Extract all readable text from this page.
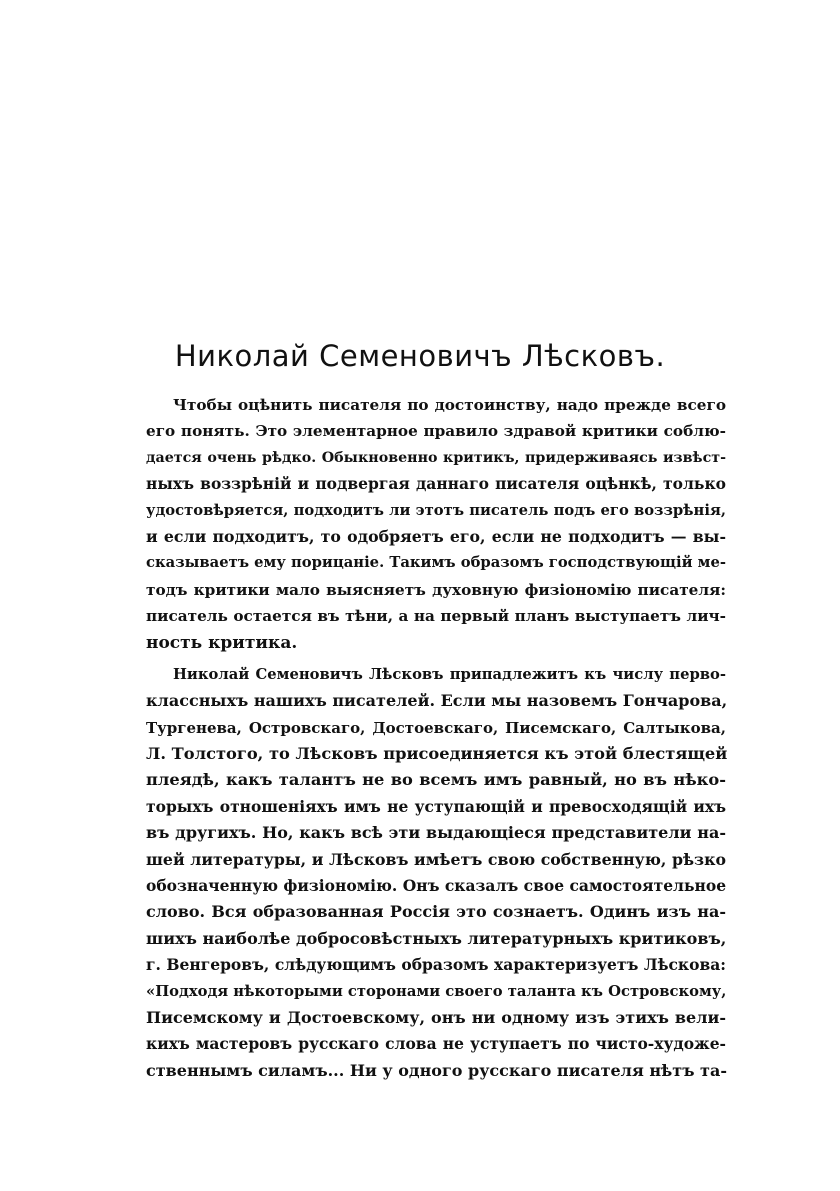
Николай Семеновичъ Лѣсковъ.
Чтобы оцѣнить писателя по достоинству, надо прежде всего
его понять. Это элементарное правило здравой критики соблю-
дается очень рѣдко. Обыкновенно критикъ, придерживаясь извѣст-
ныхъ воззрѣній и подвергая даннаго писателя оцѣнкѣ, только
удостовѣряется, подходитъ ли этотъ писатель подъ его воззрѣнія,
и если подходитъ, то одобряетъ его, если не подходитъ — вы-
сказываетъ ему порицаніе. Такимъ образомъ господствующій ме-
тодъ критики мало выясняетъ духовную физіономію писателя:
писатель остается въ тѣни, а на первый планъ выступаетъ лич-
ность критика.
Николай Семеновичъ Лѣсковъ припадлежитъ къ числу перво-
классныхъ нашихъ писателей. Если мы назовемъ Гончарова,
Тургенева, Островскаго, Достоевскаго, Писемскаго, Салтыкова,
Л. Толстого, то Лѣсковъ присоединяется къ этой блестящей
плеядѣ, какъ талантъ не во всемъ имъ равный, но въ нѣко-
торыхъ отношеніяхъ имъ не уступающій и превосходящій ихъ
въ другихъ. Но, какъ всѣ эти выдающіеся представители на-
шей литературы, и Лѣсковъ имѣетъ свою собственную, рѣзко
обозначенную физіономію. Онъ сказалъ свое самостоятельное
слово. Вся образованная Россія это сознаетъ. Одинъ изъ на-
шихъ наиболѣе добросовѣстныхъ литературныхъ критиковъ,
г. Венгеровъ, слѣдующимъ образомъ характеризуетъ Лѣскова:
«Подходя нѣкоторыми сторонами своего таланта къ Островскому,
Писемскому и Достоевскому, онъ ни одному изъ этихъ вели-
кихъ мастеровъ русскаго слова не уступаетъ по чисто-художе-
ственнымъ силамъ... Ни у одного русскаго писателя нѣтъ та-
